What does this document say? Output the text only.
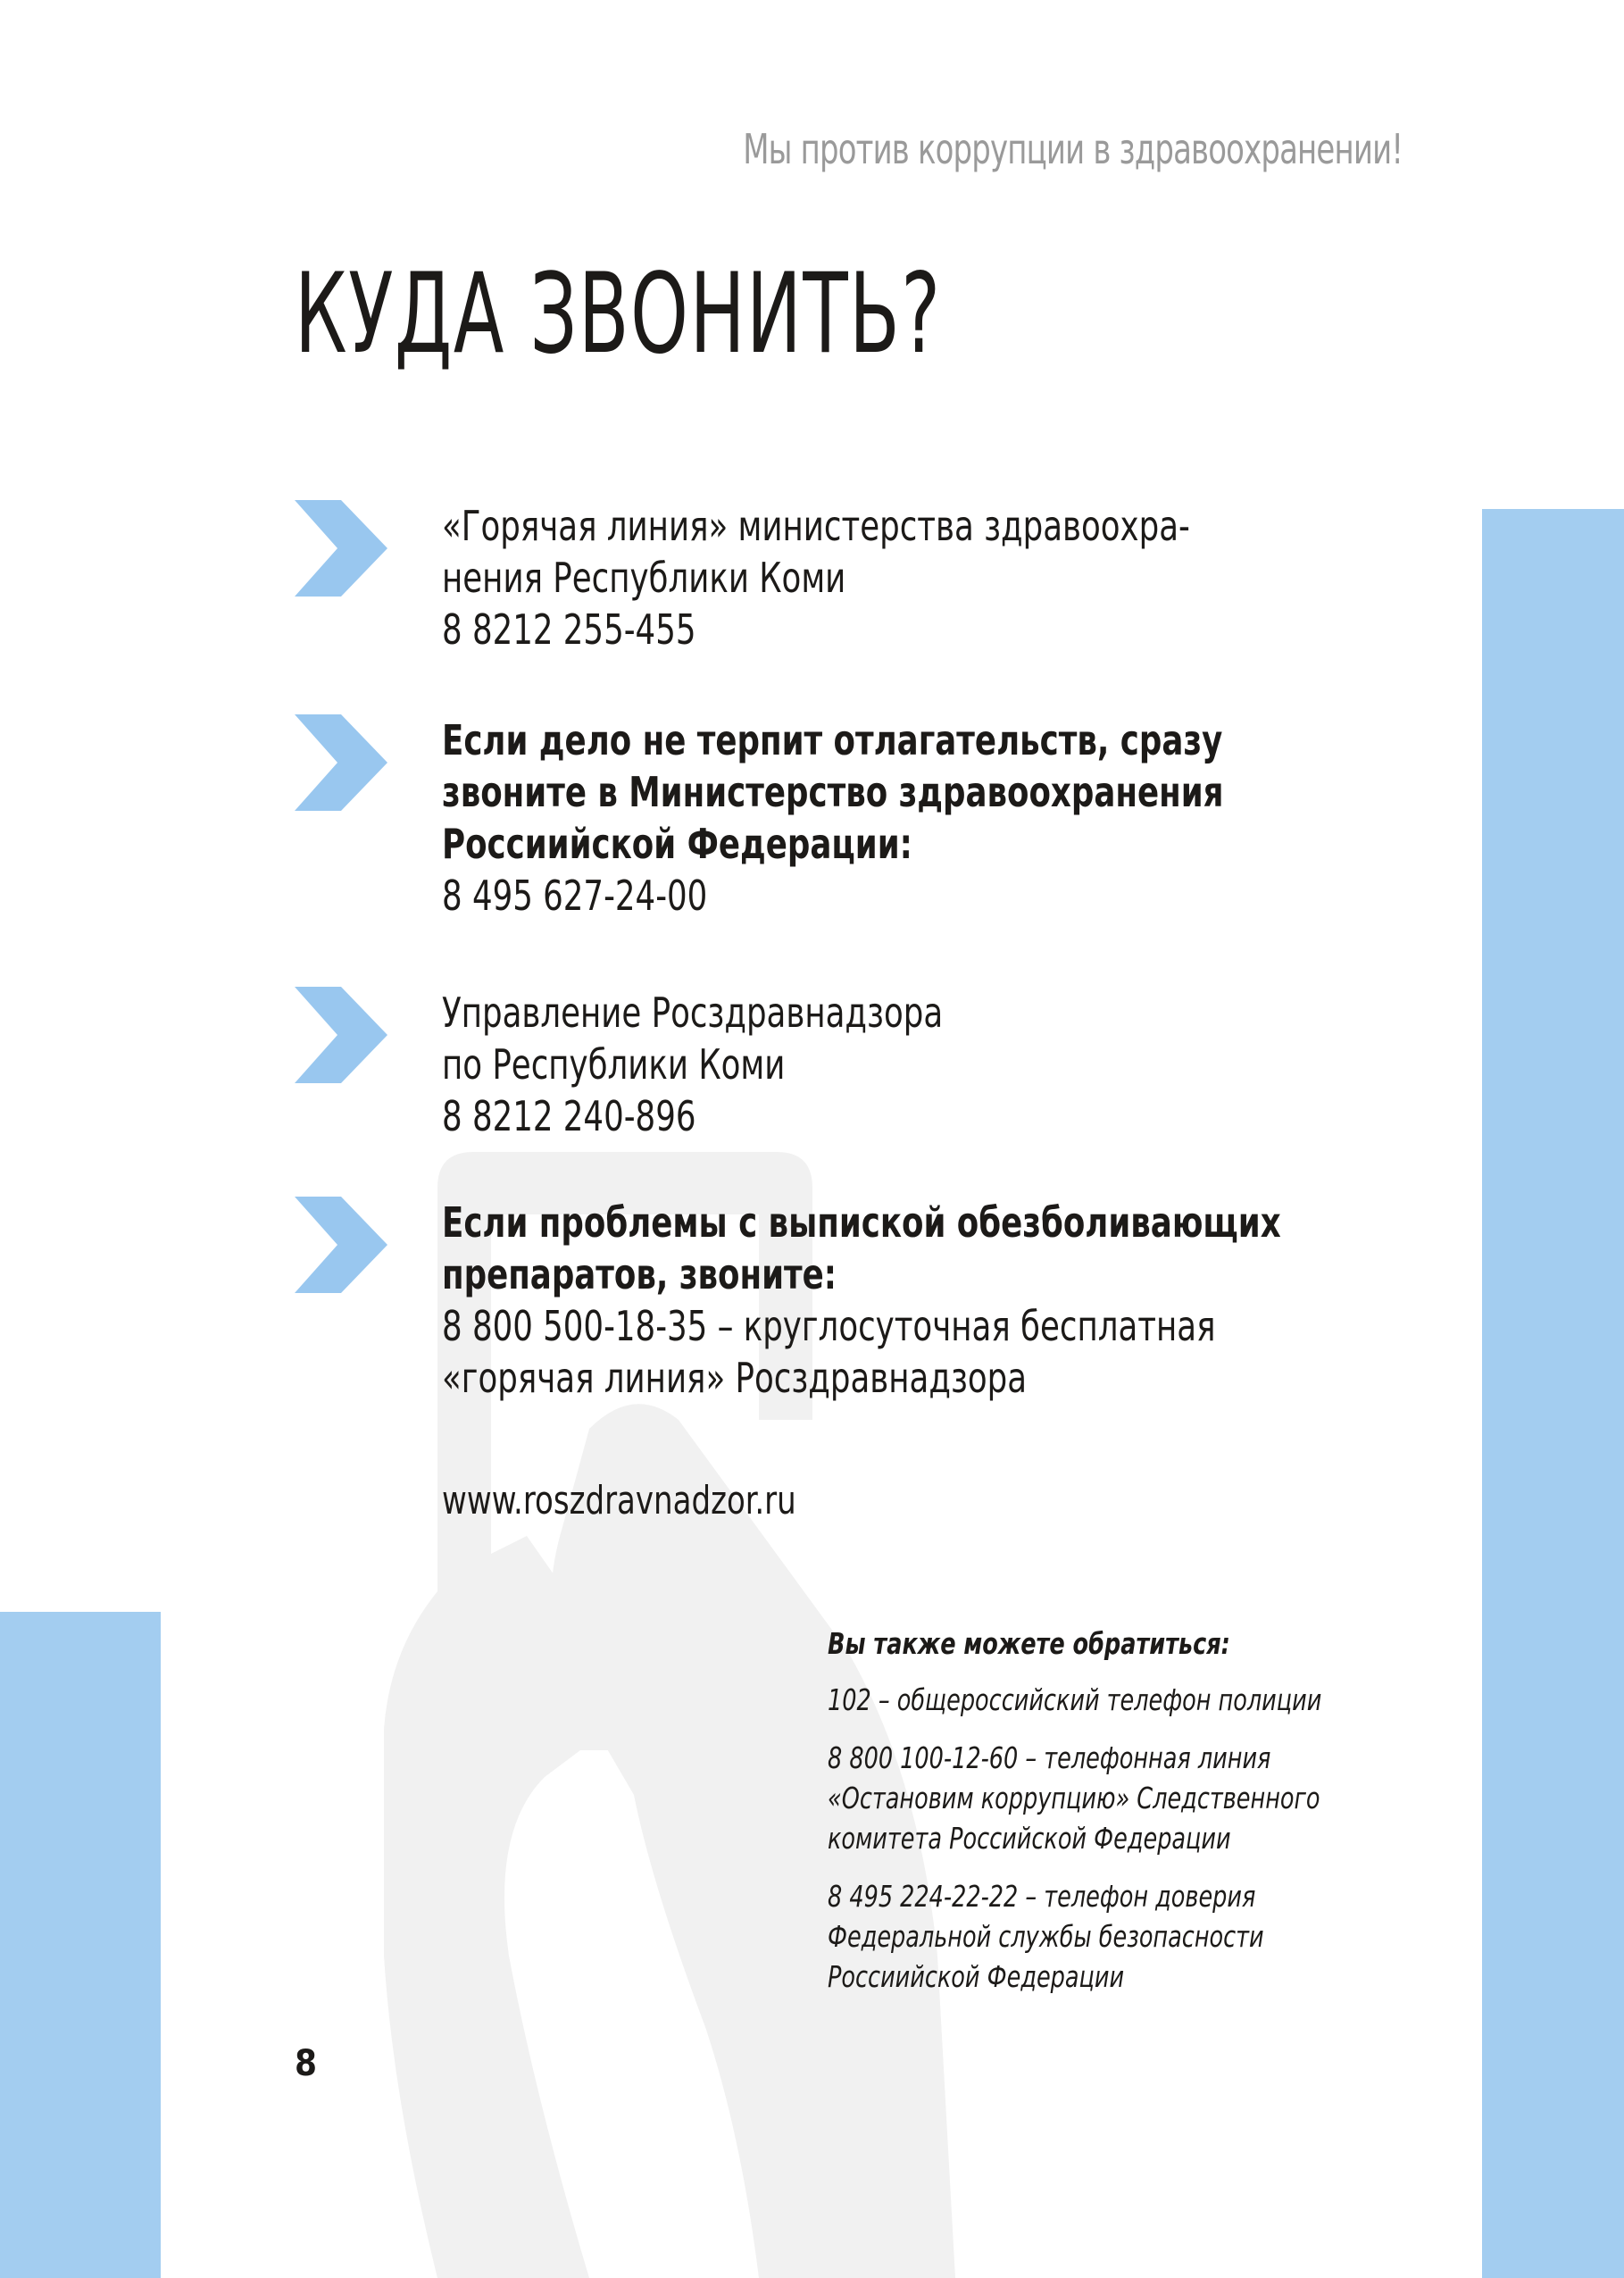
Мы против коррупции в здравоохранении!
КУДА ЗВОНИТЬ?
«Горячая линия» министерства здравоохра-
нения Республики Коми
8 8212 255-455
Если дело не терпит отлагательств, сразу
звоните в Министерство здравоохранения
Россиийской Федерации:
8 495 627-24-00
Управление Росздравнадзора
по Республики Коми
8 8212 240-896
Если проблемы с выпиской обезболивающих
препаратов, звоните:
8 800 500-18-35 – круглосуточная бесплатная
«горячая линия» Росздравнадзора
www.roszdravnadzor.ru
Вы также можете обратиться:
102 – общероссийский телефон полиции
8 800 100-12-60 – телефонная линия
«Остановим коррупцию» Следственного
комитета Российской Федерации
8 495 224-22-22 – телефон доверия
Федеральной службы безопасности
Россиийской Федерации
8
